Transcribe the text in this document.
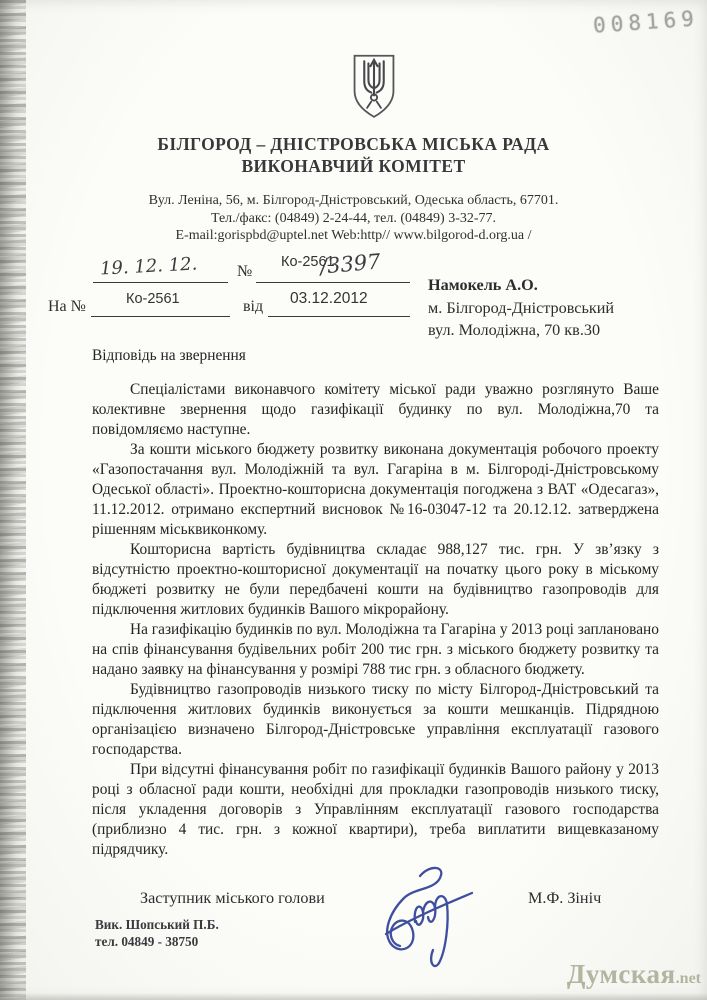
008169
БІЛГОРОД – ДНІСТРОВСЬКА МІСЬКА РАДА
ВИКОНАВЧИЙ КОМІТЕТ
Вул. Леніна, 56, м. Білгород-Дністровський, Одеська область, 67701.
Тел./факс: (04849) 2-24-44, тел. (04849) 3-32-77.
E-mail:gorispbd@uptel.net Web:http// www.bilgorod-d.org.ua /
19. 12. 12. №
Ко-2561
/3397
На №	Ко-2561	від 03.12.2012
Намокель А.О.
м. Білгород-Дністровський
вул. Молодіжна, 70 кв.30

Відповідь на звернення

Спеціалістами виконавчого комітету міської ради уважно розглянуто Ваше колективне звернення щодо газифікації будинку по вул. Молодіжна,70 та повідомляємо наступне.

За кошти міського бюджету розвитку виконана документація робочого проекту «Газопостачання вул. Молодіжній та вул. Гагаріна в м. Білгороді-Дністровському Одеської області». Проектно-кошторисна документація погоджена з ВАТ «Одесагаз», 11.12.2012. отримано експертний висновок №16-03047-12 та 20.12.12. затверджена рішенням міськвиконкому.

Кошторисна вартість будівництва складає 988,127 тис. грн. У зв’язку з відсутністю проектно-кошторисної документації на початку цього року в міському бюджеті розвитку не були передбачені кошти на будівництво газопроводів для підключення житлових будинків Вашого мікрорайону.

На газифікацію будинків по вул. Молодіжна та Гагаріна у 2013 році заплановано на спів фінансування будівельних робіт 200 тис грн. з міського бюджету розвитку та надано заявку на фінансування у розмірі 788 тис грн. з обласного бюджету.

Будівництво газопроводів низького тиску по місту Білгород-Дністровський та підключення житлових будинків виконується за кошти мешканців. Підрядною організацією визначено Білгород-Дністровське управління експлуатації газового господарства.

При відсутні фінансування робіт по газифікації будинків Вашого району у 2013 році з обласної ради кошти, необхідні для прокладки газопроводів низького тиску, після укладення договорів з Управлінням експлуатації газового господарства (приблизно 4 тис. грн. з кожної квартири), треба виплатити вищевказаному підрядчику.

Заступник міського голови	М.Ф. Зініч
Вик. Шопський П.Б.
тел. 04849 - 38750
Думская.net
